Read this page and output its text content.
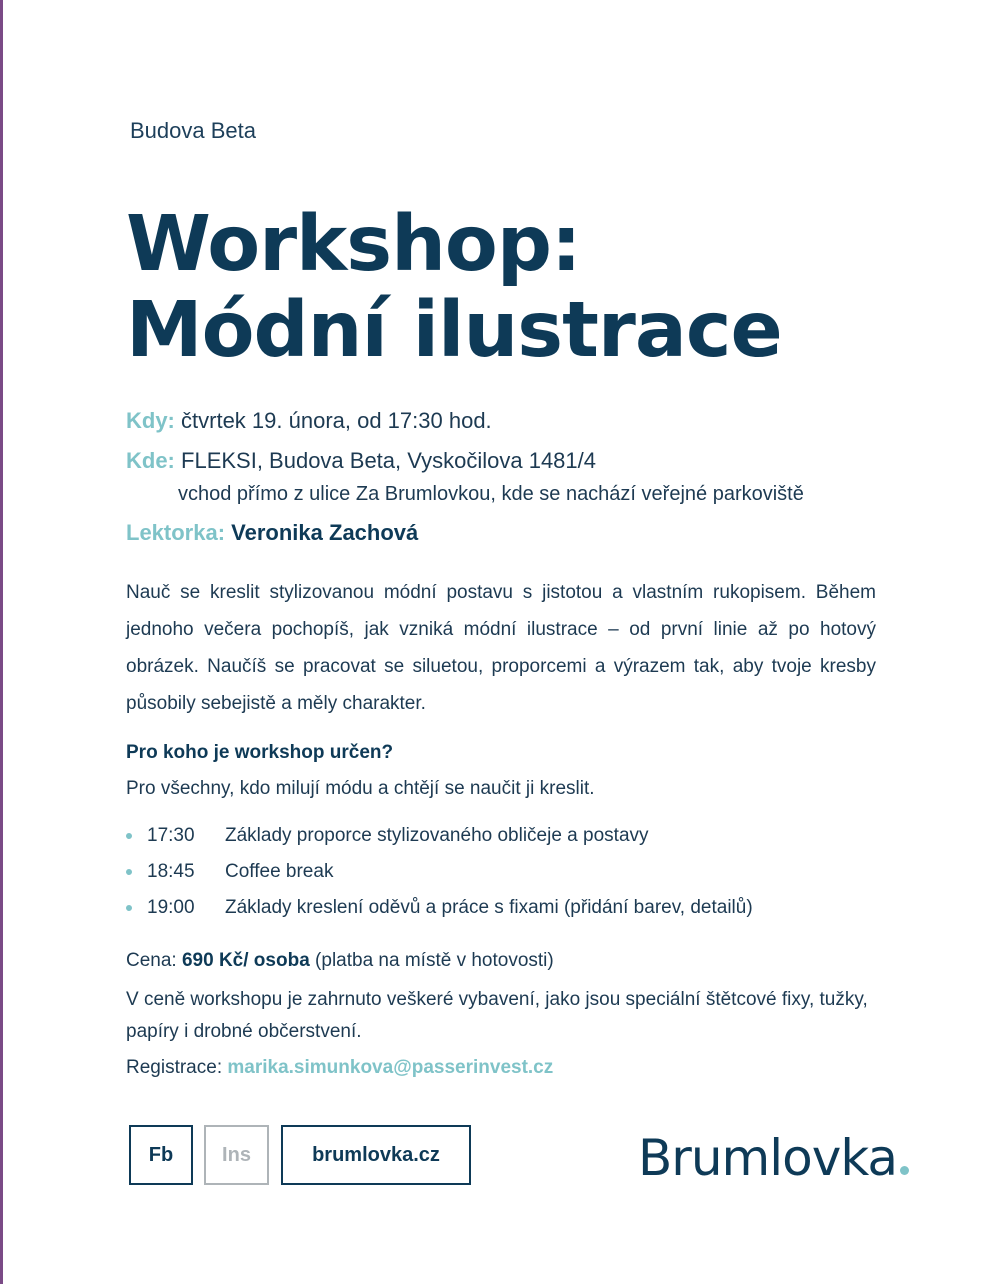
Budova Beta
Workshop:
Módní ilustrace
Kdy: čtvrtek 19. února, od 17:30 hod.
Kde: FLEKSI, Budova Beta, Vyskočilova 1481/4
vchod přímo z ulice Za Brumlovkou, kde se nachází veřejné parkoviště
Lektorka: Veronika Zachová

Nauč se kreslit stylizovanou módní postavu s jistotou a vlastním rukopisem. Během jednoho večera pochopíš, jak vzniká módní ilustrace – od první linie až po hotový obrázek. Naučíš se pracovat se siluetou, proporcemi a výrazem tak, aby tvoje kresby působily sebejistě a měly charakter.

Pro koho je workshop určen?
Pro všechny, kdo milují módu a chtějí se naučit ji kreslit.
17:30	Základy proporce stylizovaného obličeje a postavy
18:45	Coffee break
19:00	Základy kreslení oděvů a práce s fixami (přidání barev, detailů)
Cena: 690 Kč/ osoba (platba na místě v hotovosti)

V ceně workshopu je zahrnuto veškeré vybavení, jako jsou speciální štětcové fixy, tužky, papíry i drobné občerstvení.

Registrace: marika.simunkova@passerinvest.cz
Fb	Ins	brumlovka.cz	Brumlovka
